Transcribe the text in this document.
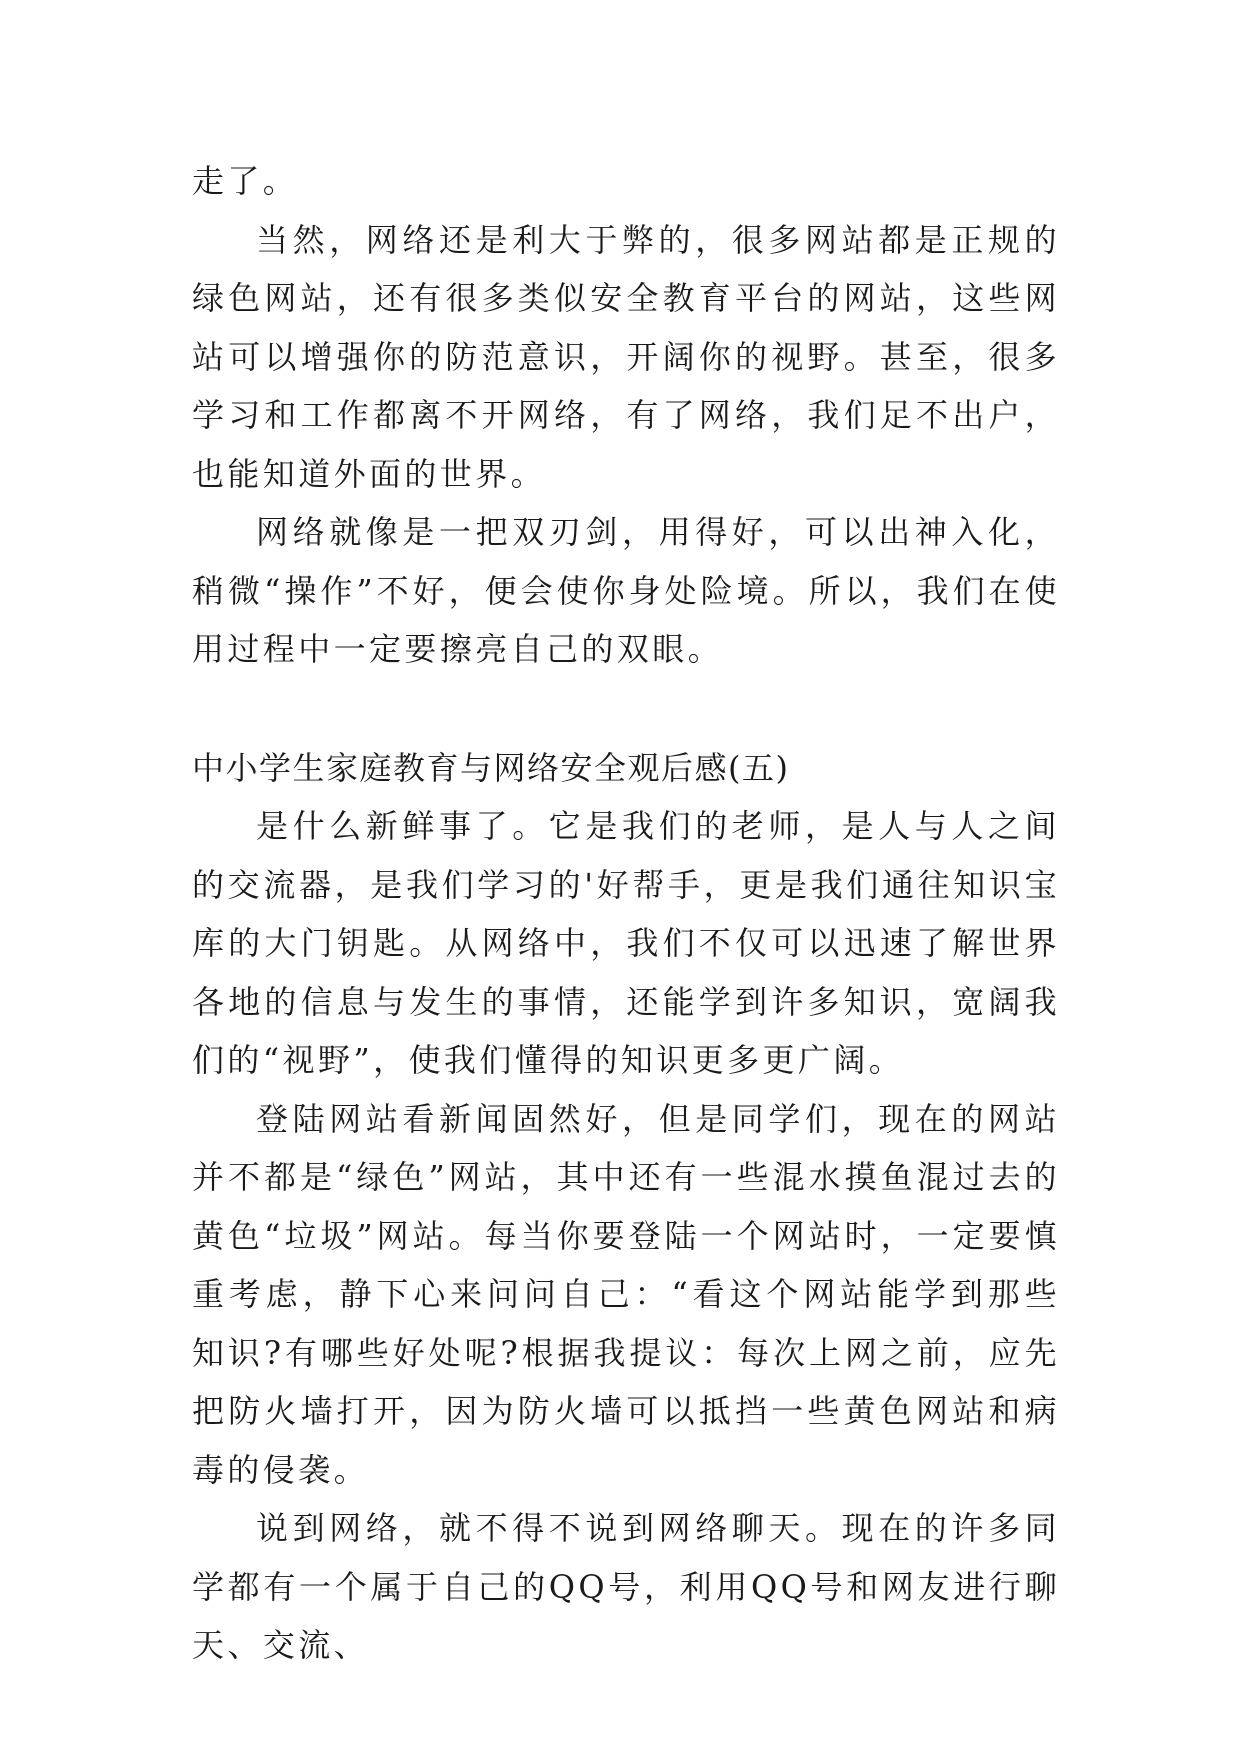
走了。

当然，网络还是利大于弊的，很多网站都是正规的绿色网站，还有很多类似安全教育平台的网站，这些网站可以增强你的防范意识，开阔你的视野。甚至，很多学习和工作都离不开网络，有了网络，我们足不出户，也能知道外面的世界。

网络就像是一把双刃剑，用得好，可以出神入化，稍微“操作”不好，便会使你身处险境。所以，我们在使用过程中一定要擦亮自己的双眼。

中小学生家庭教育与网络安全观后感(五)

是什么新鲜事了。它是我们的老师，是人与人之间的交流器，是我们学习的'好帮手，更是我们通往知识宝库的大门钥匙。从网络中，我们不仅可以迅速了解世界各地的信息与发生的事情，还能学到许多知识，宽阔我们的“视野”，使我们懂得的知识更多更广阔。

登陆网站看新闻固然好，但是同学们，现在的网站并不都是“绿色”网站，其中还有一些混水摸鱼混过去的黄色“垃圾”网站。每当你要登陆一个网站时，一定要慎重考虑，静下心来问问自己：“看这个网站能学到那些知识?有哪些好处呢?根据我提议：每次上网之前，应先把防火墙打开，因为防火墙可以抵挡一些黄色网站和病毒的侵袭。

说到网络，就不得不说到网络聊天。现在的许多同学都有一个属于自己的QQ号，利用QQ号和网友进行聊天、交流、
